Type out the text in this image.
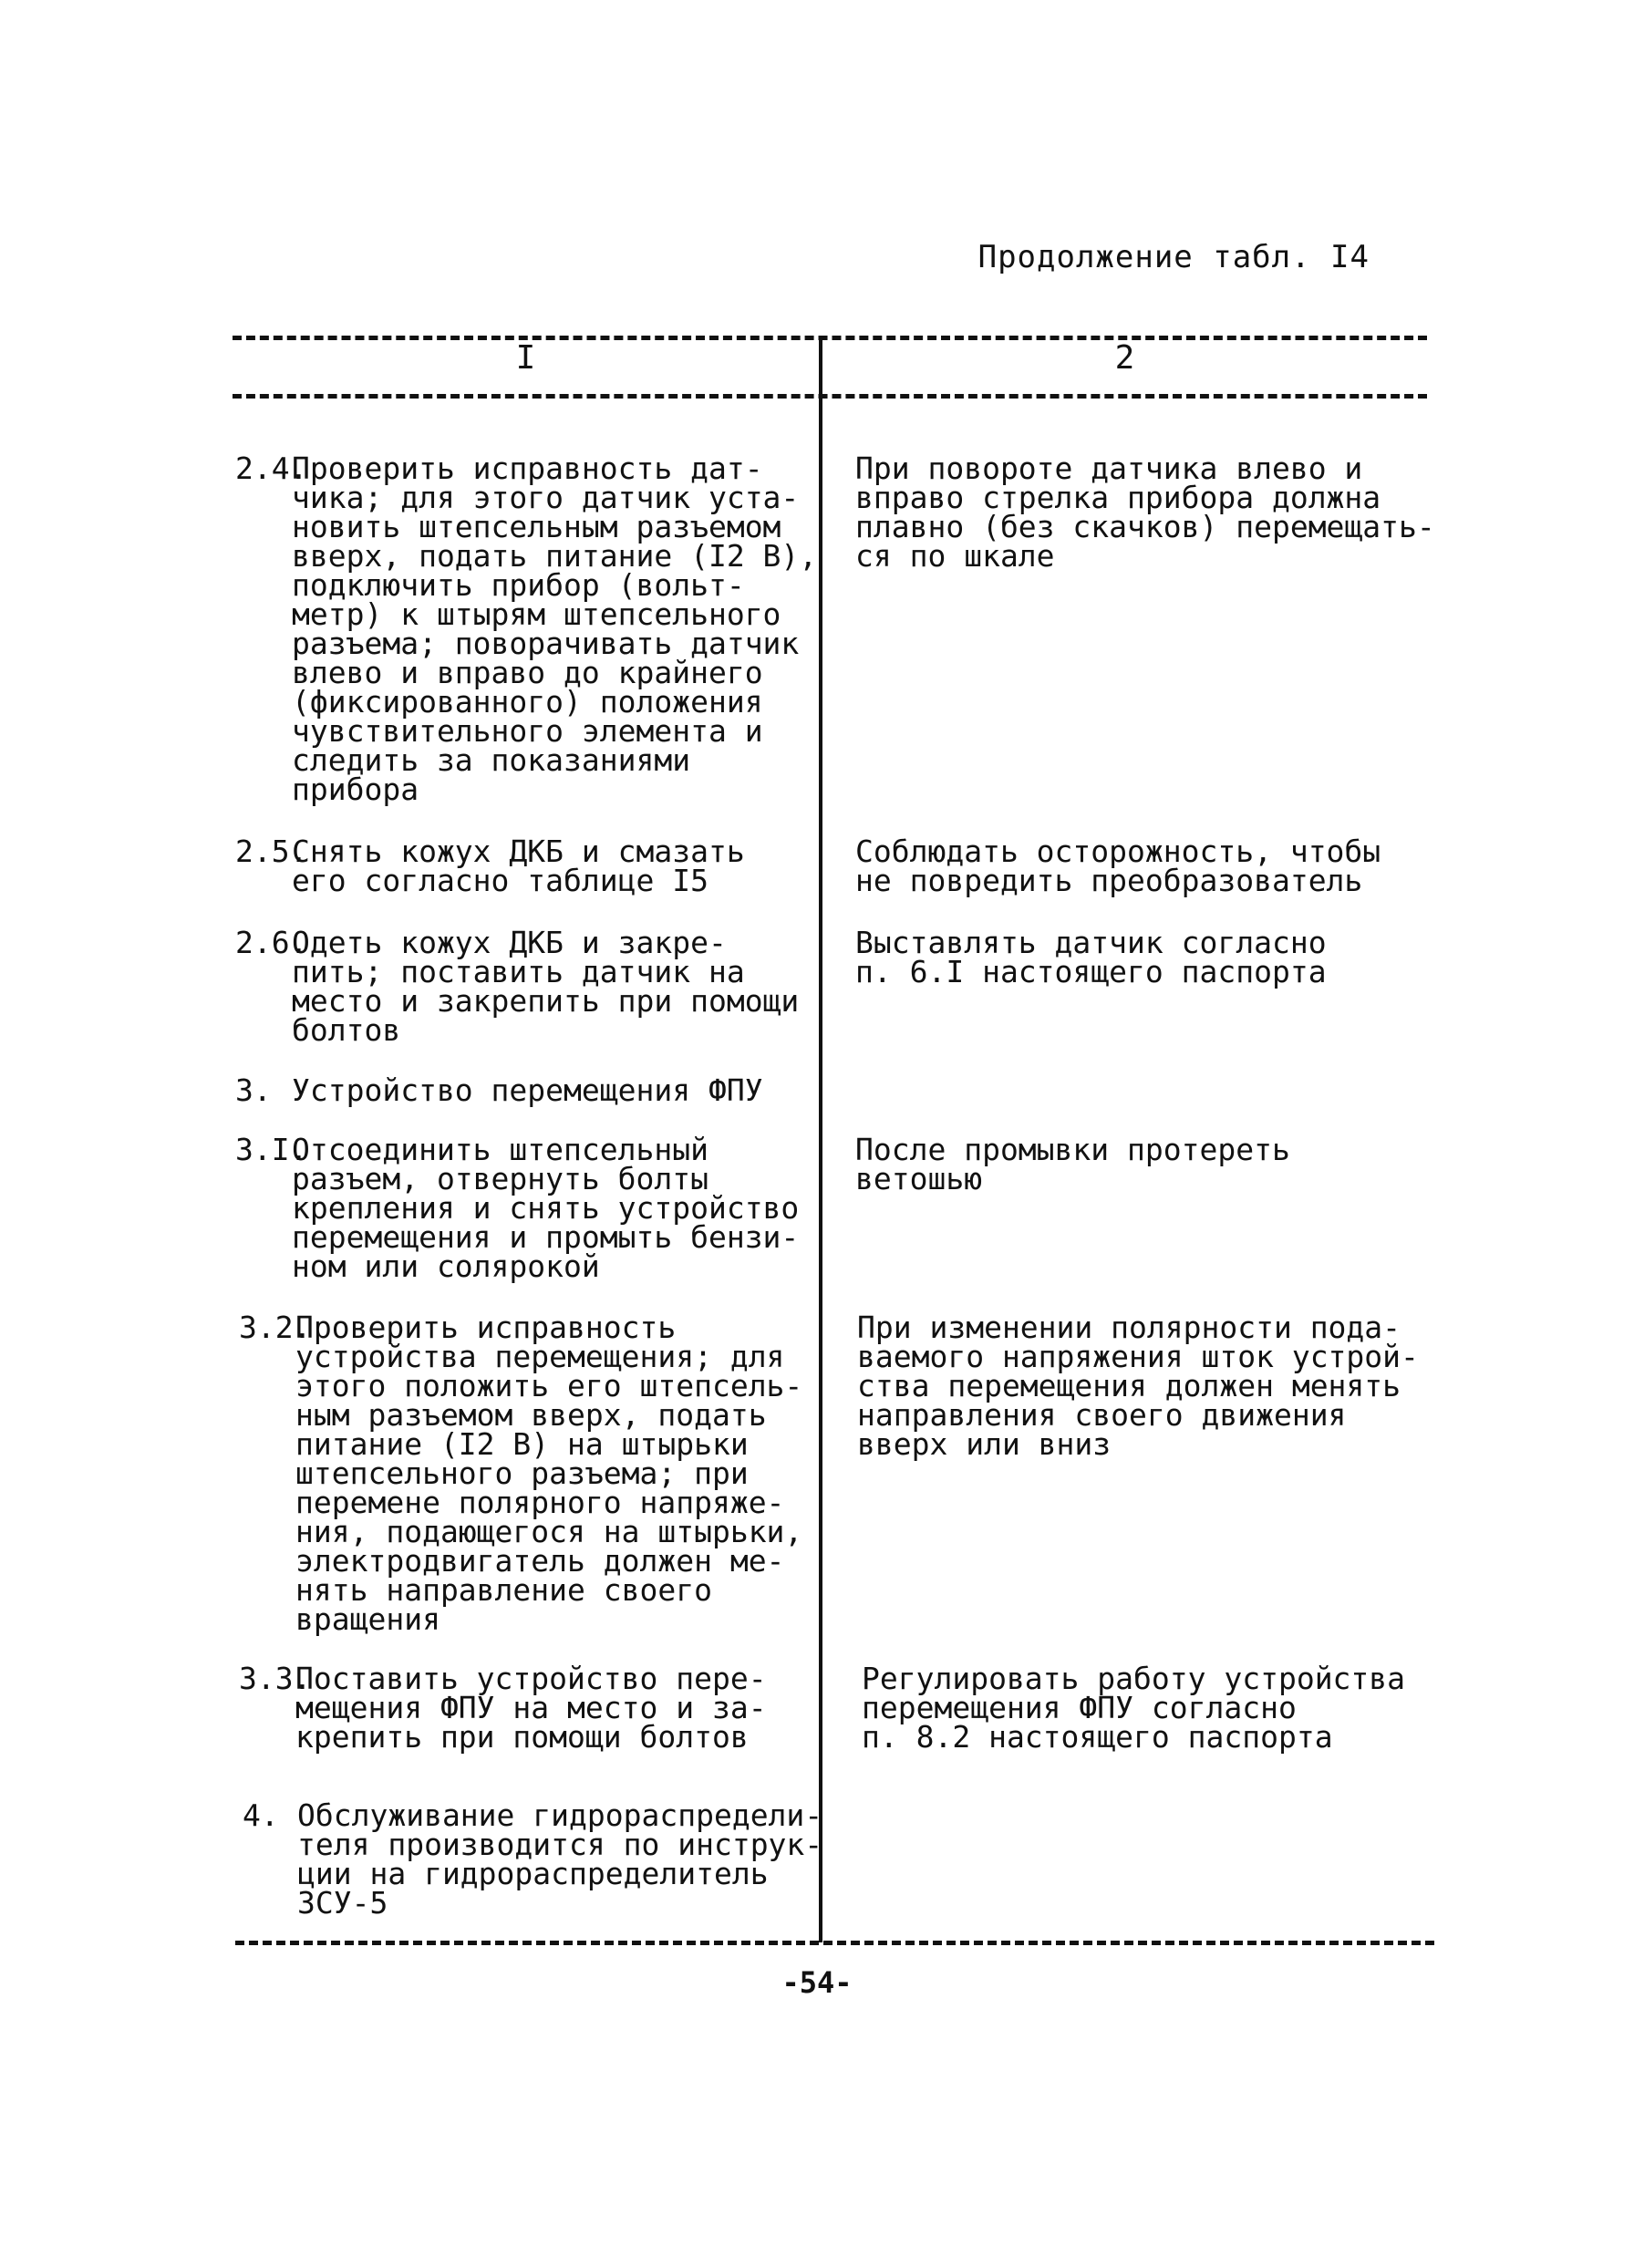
Продолжение табл. I4
I	2
2.4.
Проверить исправность дат-
чика; для этого датчик уста-
новить штепсельным разъемом
вверх, подать питание (I2 В),
подключить прибор (вольт-
метр) к штырям штепсельного
разъема; поворачивать датчик
влево и вправо до крайнего
(фиксированного) положения
чувствительного элемента и
следить за показаниями
прибора
При повороте датчика влево и
вправо стрелка прибора должна
плавно (без скачков) перемещать-
ся по шкале
2.5.
Снять кожух ДКБ и смазать
его согласно таблице I5
Соблюдать осторожность, чтобы
не повредить преобразователь
2.6.
Одеть кожух ДКБ и закре-
пить; поставить датчик на
место и закрепить при помощи
болтов
Выставлять датчик согласно
п. 6.I настоящего паспорта
3. Устройство перемещения ФПУ
3.I.
Отсоединить штепсельный
разъем, отвернуть болты
крепления и снять устройство
перемещения и промыть бензи-
ном или солярокой
После промывки протереть
ветошью
3.2.
Проверить исправность
устройства перемещения; для
этого положить его штепсель-
ным разъемом вверх, подать
питание (I2 В) на штырьки
штепсельного разъема; при
перемене полярного напряже-
ния, подающегося на штырьки,
электродвигатель должен ме-
нять направление своего
вращения
При изменении полярности пода-
ваемого напряжения шток устрой-
ства перемещения должен менять
направления своего движения
вверх или вниз
3.3.
Поставить устройство пере-
мещения ФПУ на место и за-
крепить при помощи болтов
Регулировать работу устройства
перемещения ФПУ согласно
п. 8.2 настоящего паспорта
4. Обслуживание гидрораспредели-
теля производится по инструк-
ции на гидрораспределитель
ЗСУ-5
-54-
